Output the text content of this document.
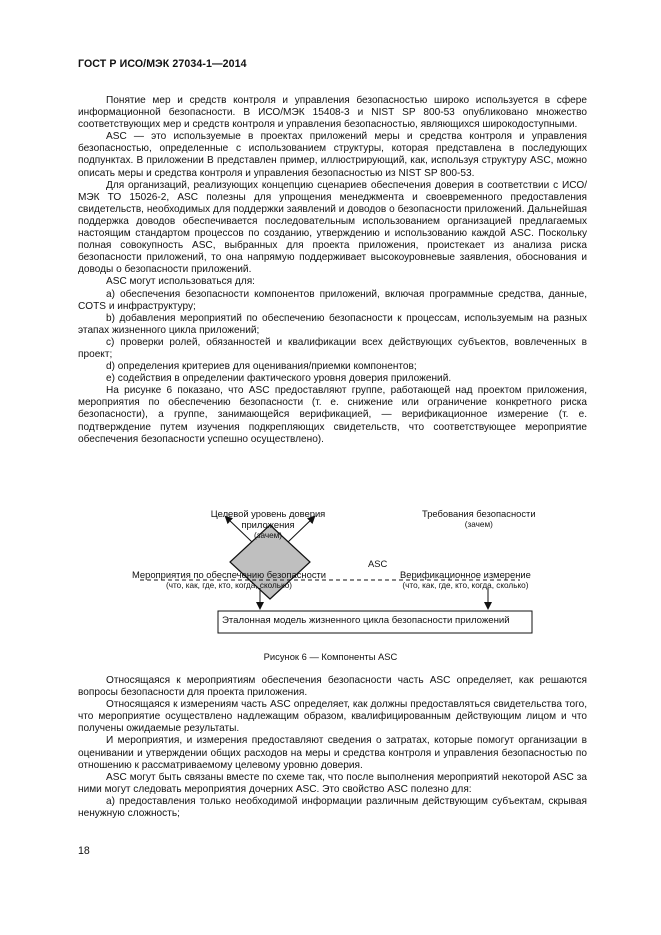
ГОСТ Р ИСО/МЭК 27034-1—2014

Понятие мер и средств контроля и управления безопасностью широко используется в сфере информационной безопасности. В ИСО/МЭК 15408-3 и NIST SP 800-53 опубликовано множество соответствующих мер и средств контроля и управления безопасностью, являющихся широкодоступными.

ASC — это используемые в проектах приложений меры и средства контроля и управления безопасностью, определенные с использованием структуры, которая представлена в последующих подпунктах. В приложении В представлен пример, иллюстрирующий, как, используя структуру ASC, можно описать меры и средства контроля и управления безопасностью из NIST SP 800-53.

Для организаций, реализующих концепцию сценариев обеспечения доверия в соответствии с ИСО/МЭК ТО 15026-2, ASC полезны для упрощения менеджмента и своевременного предоставления свидетельств, необходимых для поддержки заявлений и доводов о безопасности приложений. Дальнейшая поддержка доводов обеспечивается последовательным использованием организацией предлагаемых настоящим стандартом процессов по созданию, утверждению и использованию каждой ASC. Поскольку полная совокупность ASC, выбранных для проекта приложения, проистекает из анализа риска безопасности приложений, то она напрямую поддерживает высокоуровневые заявления, обоснования и доводы о безопасности приложений.

ASC могут использоваться для:

a) обеспечения безопасности компонентов приложений, включая программные средства, данные, COTS и инфраструктуру;

b) добавления мероприятий по обеспечению безопасности к процессам, используемым на разных этапах жизненного цикла приложений;

c) проверки ролей, обязанностей и квалификации всех действующих субъектов, вовлеченных в проект;

d) определения критериев для оценивания/приемки компонентов;

e) содействия в определении фактического уровня доверия приложений.

На рисунке 6 показано, что ASC предоставляют группе, работающей над проектом приложения, мероприятия по обеспечению безопасности (т. е. снижение или ограничение конкретного риска безопасности), а группе, занимающейся верификацией, — верификационное измерение (т. е. подтверждение путем изучения подкрепляющих свидетельств, что соответствующее мероприятие обеспечения безопасности успешно осуществлено).

Целевой уровень доверия приложения
(зачем)
Требования безопасности
(зачем)
ASC
Мероприятия по обеспечению безопасности
(что, как, где, кто, когда, сколько)
Верификационное измерение
(что, как, где, кто, когда, сколько)
Эталонная модель жизненного цикла безопасности приложений
Рисунок 6 — Компоненты ASC

Относящаяся к мероприятиям обеспечения безопасности часть ASC определяет, как решаются вопросы безопасности для проекта приложения.

Относящаяся к измерениям часть ASC определяет, как должны предоставляться свидетельства того, что мероприятие осуществлено надлежащим образом, квалифицированным действующим лицом и что получены ожидаемые результаты.

И мероприятия, и измерения предоставляют сведения о затратах, которые помогут организации в оценивании и утверждении общих расходов на меры и средства контроля и управления безопасностью по отношению к рассматриваемому целевому уровню доверия.

ASC могут быть связаны вместе по схеме так, что после выполнения мероприятий некоторой ASC за ними могут следовать мероприятия дочерних ASC. Это свойство ASC полезно для:

a) предоставления только необходимой информации различным действующим субъектам, скрывая ненужную сложность;

18
